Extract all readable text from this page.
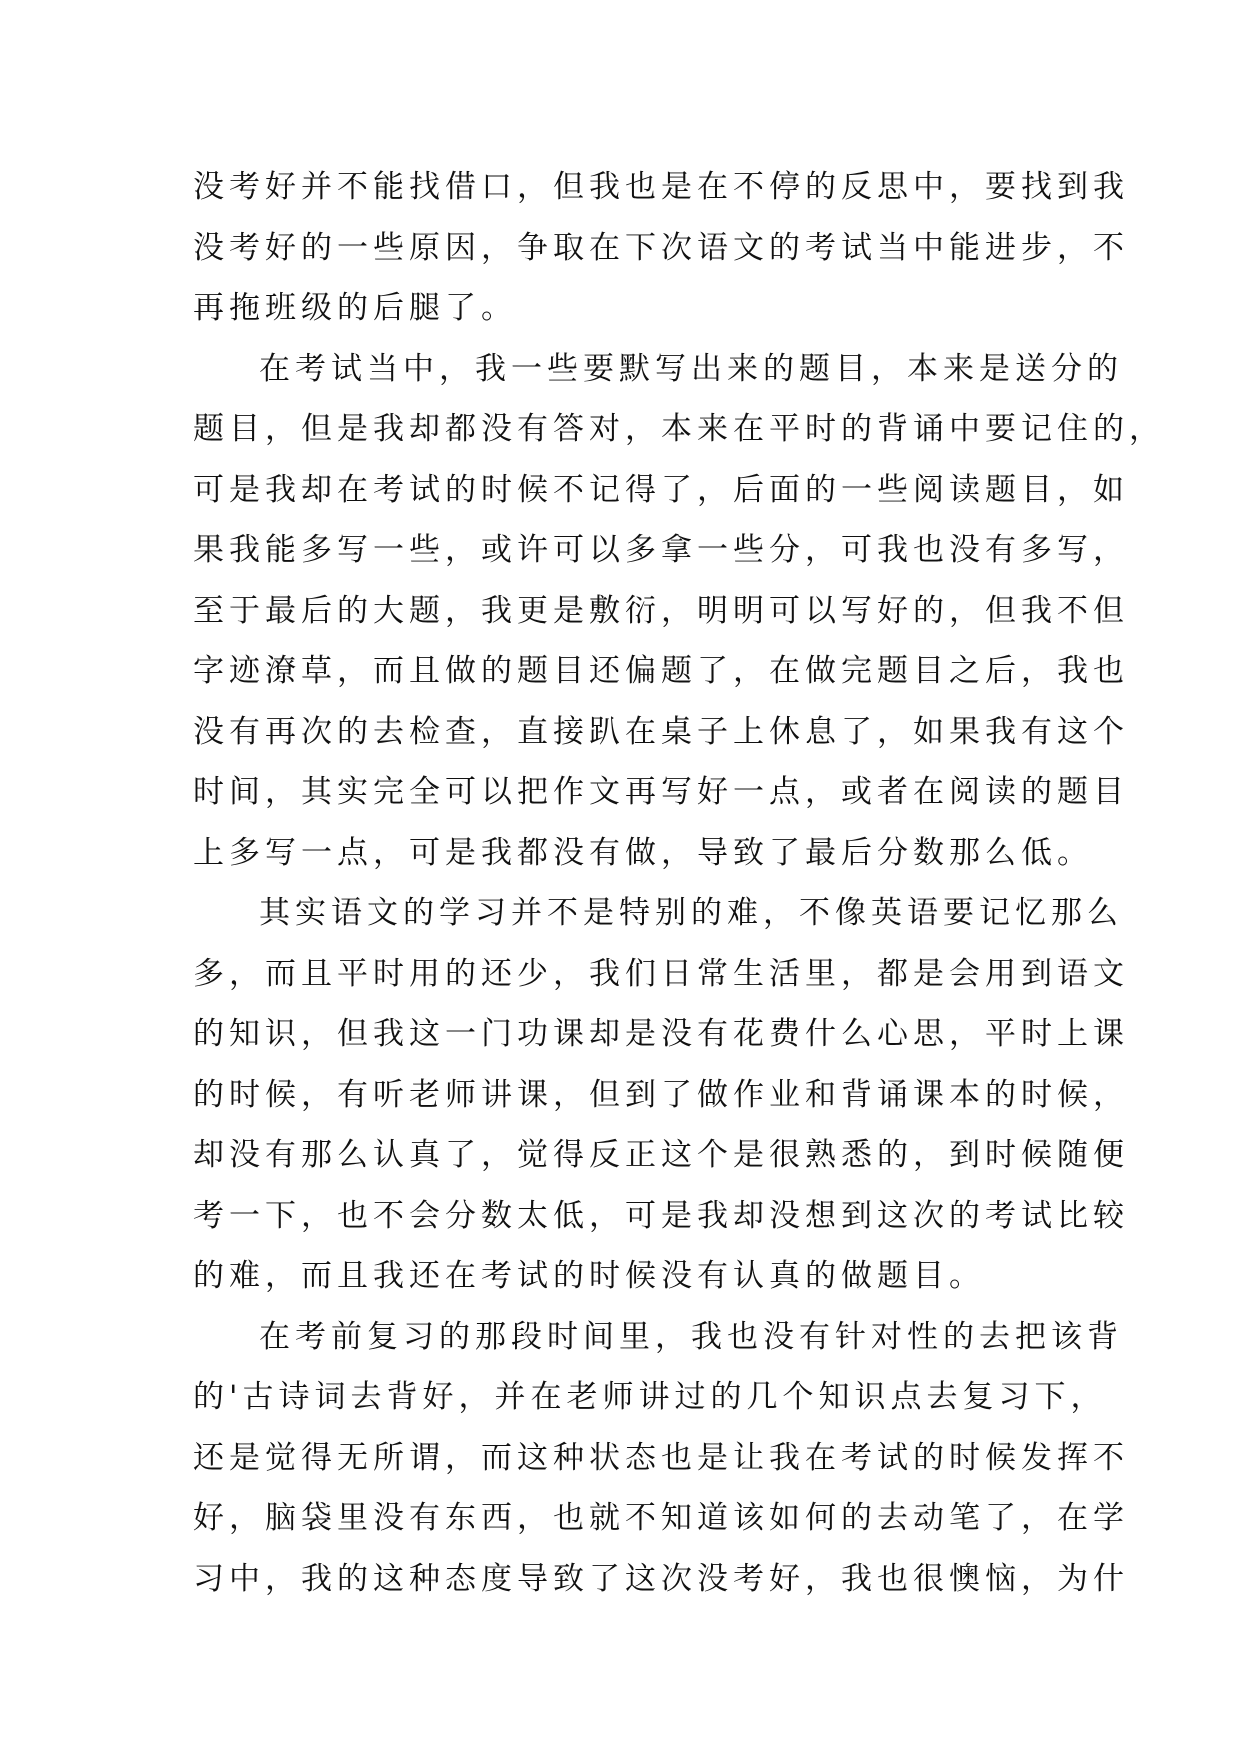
没考好并不能找借口，但我也是在不停的反思中，要找到我
没考好的一些原因，争取在下次语文的考试当中能进步，不
再拖班级的后腿了。
在考试当中，我一些要默写出来的题目，本来是送分的
题目，但是我却都没有答对，本来在平时的背诵中要记住的，
可是我却在考试的时候不记得了，后面的一些阅读题目，如
果我能多写一些，或许可以多拿一些分，可我也没有多写，
至于最后的大题，我更是敷衍，明明可以写好的，但我不但
字迹潦草，而且做的题目还偏题了，在做完题目之后，我也
没有再次的去检查，直接趴在桌子上休息了，如果我有这个
时间，其实完全可以把作文再写好一点，或者在阅读的题目
上多写一点，可是我都没有做，导致了最后分数那么低。
其实语文的学习并不是特别的难，不像英语要记忆那么
多，而且平时用的还少，我们日常生活里，都是会用到语文
的知识，但我这一门功课却是没有花费什么心思，平时上课
的时候，有听老师讲课，但到了做作业和背诵课本的时候，
却没有那么认真了，觉得反正这个是很熟悉的，到时候随便
考一下，也不会分数太低，可是我却没想到这次的考试比较
的难，而且我还在考试的时候没有认真的做题目。
在考前复习的那段时间里，我也没有针对性的去把该背
的'古诗词去背好，并在老师讲过的几个知识点去复习下，
还是觉得无所谓，而这种状态也是让我在考试的时候发挥不
好，脑袋里没有东西，也就不知道该如何的去动笔了，在学
习中，我的这种态度导致了这次没考好，我也很懊恼，为什
